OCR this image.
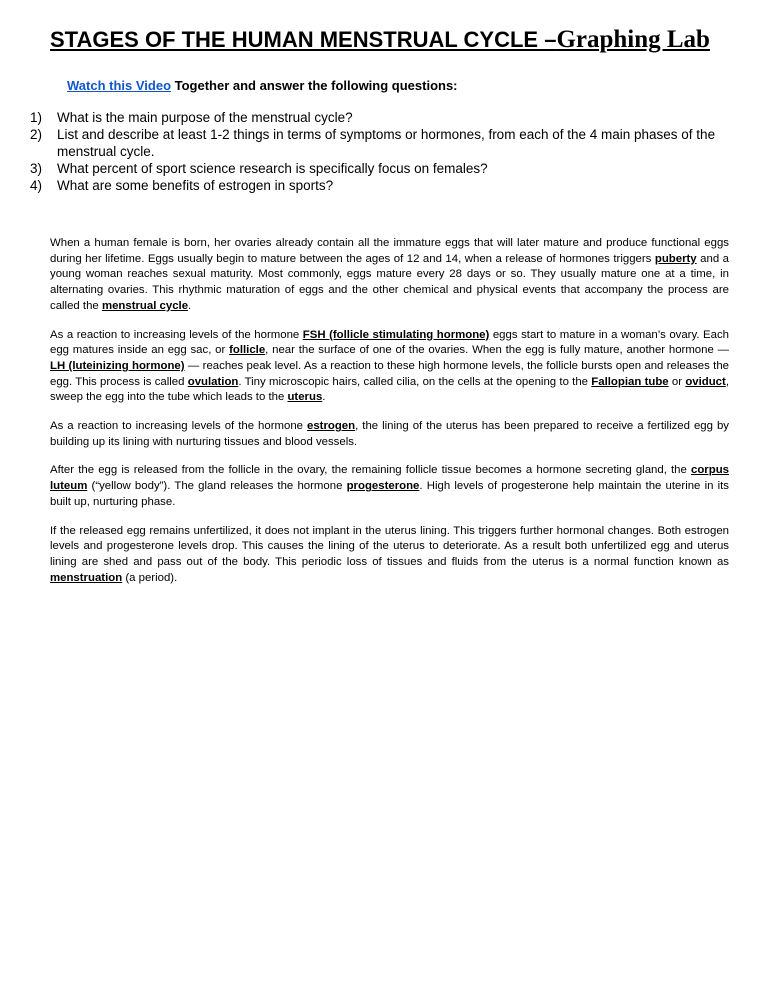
STAGES OF THE HUMAN MENSTRUAL CYCLE –Graphing Lab
Watch this Video Together and answer the following questions:
1) What is the main purpose of the menstrual cycle?
2) List and describe at least 1-2 things in terms of symptoms or hormones, from each of the 4 main phases of the menstrual cycle.
3) What percent of sport science research is specifically focus on females?
4) What are some benefits of estrogen in sports?

When a human female is born, her ovaries already contain all the immature eggs that will later mature and produce functional eggs during her lifetime. Eggs usually begin to mature between the ages of 12 and 14, when a release of hormones triggers puberty and a young woman reaches sexual maturity. Most commonly, eggs mature every 28 days or so. They usually mature one at a time, in alternating ovaries. This rhythmic maturation of eggs and the other chemical and physical events that accompany the process are called the menstrual cycle.

As a reaction to increasing levels of the hormone FSH (follicle stimulating hormone) eggs start to mature in a woman’s ovary. Each egg matures inside an egg sac, or follicle, near the surface of one of the ovaries. When the egg is fully mature, another hormone — LH (luteinizing hormone) — reaches peak level. As a reaction to these high hormone levels, the follicle bursts open and releases the egg. This process is called ovulation. Tiny microscopic hairs, called cilia, on the cells at the opening to the Fallopian tube or oviduct, sweep the egg into the tube which leads to the uterus.

As a reaction to increasing levels of the hormone estrogen, the lining of the uterus has been prepared to receive a fertilized egg by building up its lining with nurturing tissues and blood vessels.

After the egg is released from the follicle in the ovary, the remaining follicle tissue becomes a hormone secreting gland, the corpus luteum (“yellow body”). The gland releases the hormone progesterone. High levels of progesterone help maintain the uterine in its built up, nurturing phase.

If the released egg remains unfertilized, it does not implant in the uterus lining. This triggers further hormonal changes. Both estrogen levels and progesterone levels drop. This causes the lining of the uterus to deteriorate. As a result both unfertilized egg and uterus lining are shed and pass out of the body. This periodic loss of tissues and fluids from the uterus is a normal function known as menstruation (a period).
